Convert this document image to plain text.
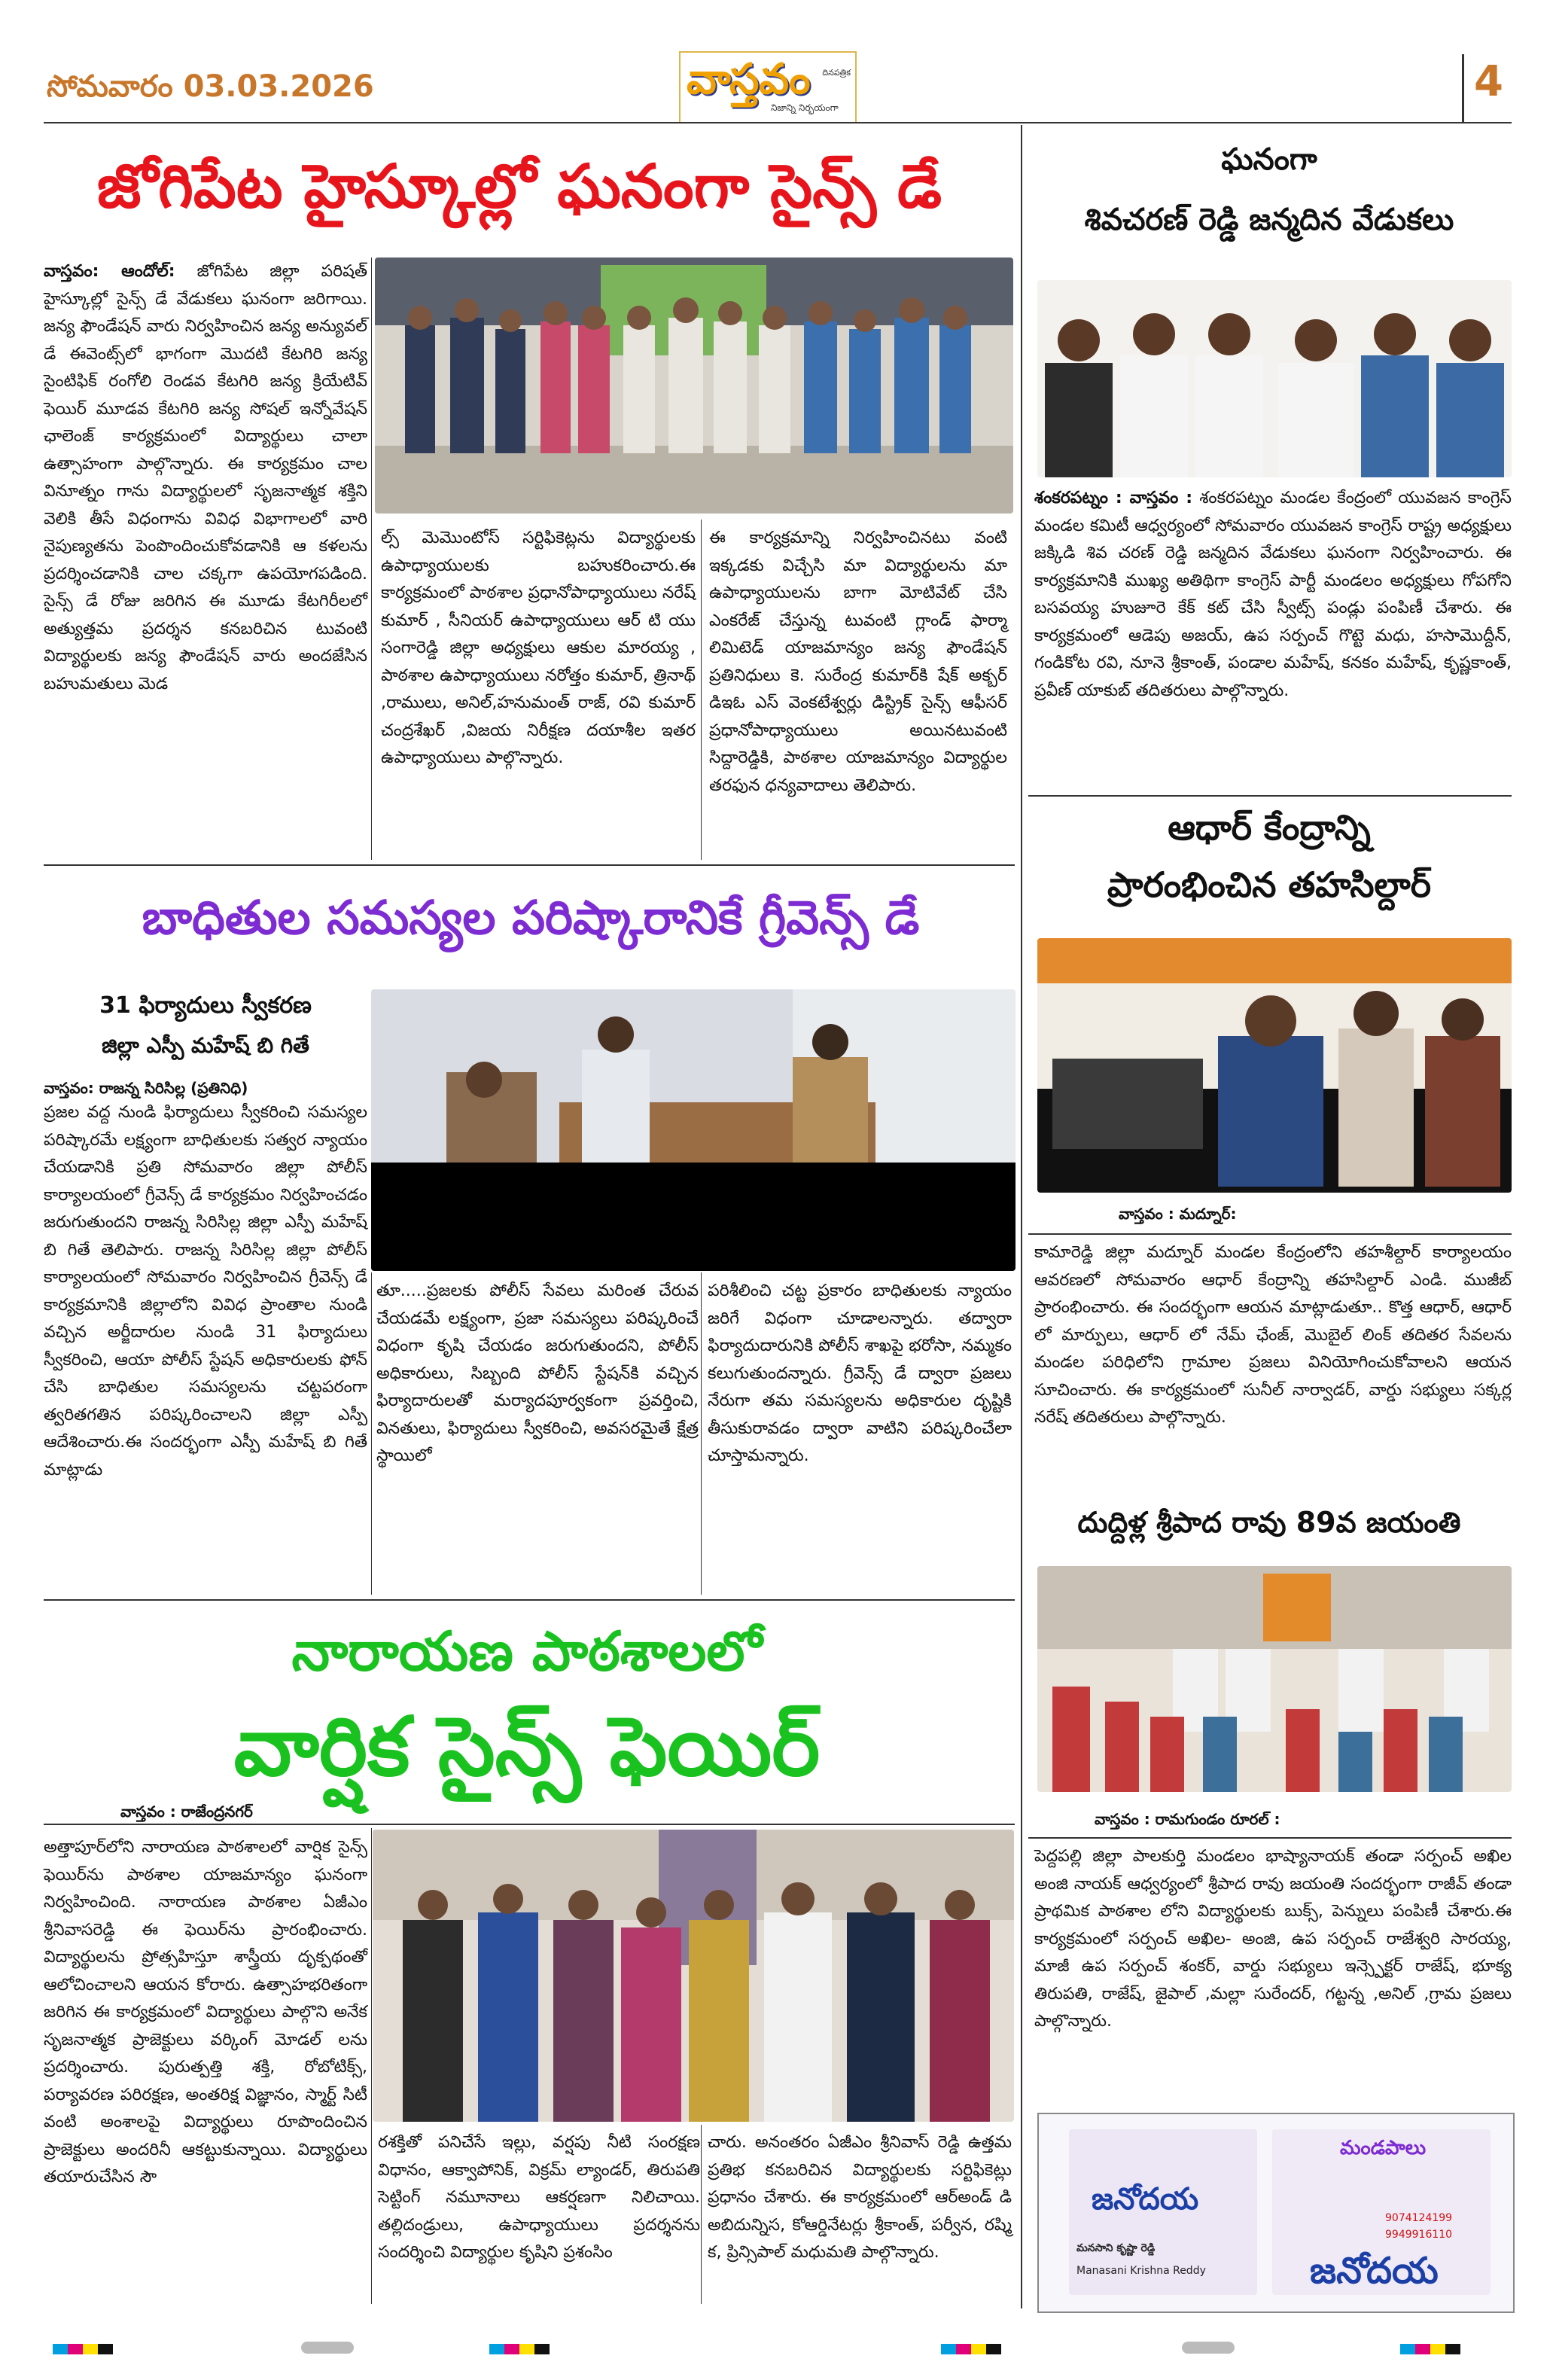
సోమవారం 03.03.2026	వాస్తవం
నిజాన్ని నిర్భయంగా
దినపత్రిక	4
జోగిపేట హైస్కూల్లో ఘనంగా సైన్స్ డే
వాస్తవం: ఆందోల్: జోగిపేట జిల్లా పరిషత్ హైస్కూల్లో సైన్స్ డే వేడుకలు ఘనంగా జరిగాయి. జన్య ఫౌండేషన్ వారు నిర్వహించిన జన్య అన్యువల్ డే ఈవెంట్స్‌లో భాగంగా మొదటి కేటగిరి జన్య సైంటిఫిక్ రంగోలి రెండవ కేటగిరి జన్య క్రియేటివ్ ఫెయిర్ మూడవ కేటగిరి జన్య సోషల్ ఇన్నోవేషన్ ఛాలెంజ్ కార్యక్రమంలో విద్యార్థులు చాలా ఉత్సాహంగా పాల్గొన్నారు. ఈ కార్యక్రమం చాల వినూత్నం గాను విద్యార్థులలో సృజనాత్మక శక్తిని వెలికి తీసే విధంగాను వివిధ విభాగాలలో వారి నైపుణ్యతను పెంపొందించుకోవడానికి ఆ కళలను ప్రదర్శించడానికి చాల చక్కగా ఉపయోగపడింది. సైన్స్ డే రోజు జరిగిన ఈ మూడు కేటగిరీలలో అత్యుత్తమ ప్రదర్శన కనబరిచిన టువంటి విద్యార్థులకు జన్య ఫౌండేషన్ వారు అందజేసిన బహుమతులు మెడ
ల్స్ మెమొంటోస్ సర్టిఫికెట్లను విద్యార్థులకు ఉపాధ్యాయులకు బహుకరించారు.ఈ కార్యక్రమంలో పాఠశాల ప్రధానోపాధ్యాయులు నరేష్ కుమార్ , సీనియర్ ఉపాధ్యాయులు ఆర్ టి యు సంగారెడ్డి జిల్లా అధ్యక్షులు ఆకుల మారయ్య , పాఠశాల ఉపాధ్యాయులు నరోత్తం కుమార్, త్రినాథ్ ,రాములు, అనిల్,హనుమంత్ రాజ్, రవి కుమార్ చంద్రశేఖర్ ,విజయ నిరీక్షణ దయాశీల ఇతర ఉపాధ్యాయులు పాల్గొన్నారు.
ఈ కార్యక్రమాన్ని నిర్వహించినటు వంటి ఇక్కడకు విచ్చేసి మా విద్యార్థులను మా ఉపాధ్యాయులను బాగా మోటివేట్ చేసి ఎంకరేజ్ చేస్తున్న టువంటి గ్లాండ్ ఫార్మా లిమిటెడ్ యాజమాన్యం జన్య ఫౌండేషన్ ప్రతినిధులు కె. సురేంద్ర కుమార్‌కి షేక్ అక్బర్ డిఇఓ ఎస్ వెంకటేశ్వర్లు డిస్ట్రిక్ సైన్స్ ఆఫీసర్ ప్రధానోపాధ్యాయులు అయినటువంటి సిద్దారెడ్డికి, పాఠశాల యాజమాన్యం విద్యార్థుల తరఫున ధన్యవాదాలు తెలిపారు.
బాధితుల సమస్యల పరిష్కారానికే గ్రీవెన్స్ డే
31 ఫిర్యాదులు స్వీకరణ
జిల్లా ఎస్పీ మహేష్ బి గితే
వాస్తవం: రాజన్న సిరిసిల్ల (ప్రతినిధి)
ప్రజల వద్ద నుండి ఫిర్యాదులు స్వీకరించి సమస్యల పరిష్కారమే లక్ష్యంగా బాధితులకు సత్వర న్యాయం చేయడానికి ప్రతి సోమవారం జిల్లా పోలీస్ కార్యాలయంలో గ్రీవెన్స్ డే కార్యక్రమం నిర్వహించడం జరుగుతుందని రాజన్న సిరిసిల్ల జిల్లా ఎస్పీ మహేష్ బి గితే తెలిపారు. రాజన్న సిరిసిల్ల జిల్లా పోలీస్ కార్యాలయంలో సోమవారం నిర్వహించిన గ్రీవెన్స్ డే కార్యక్రమానికి జిల్లాలోని వివిధ ప్రాంతాల నుండి వచ్చిన అర్జీదారుల నుండి 31 ఫిర్యాదులు స్వీకరించి, ఆయా పోలీస్ స్టేషన్ అధికారులకు ఫోన్ చేసి బాధితుల సమస్యలను చట్టపరంగా త్వరితగతిన పరిష్కరించాలని జిల్లా ఎస్పీ ఆదేశించారు.ఈ సందర్భంగా ఎస్పీ మహేష్ బి గితే మాట్లాడు
తూ.....ప్రజలకు పోలీస్ సేవలు మరింత చేరువ చేయడమే లక్ష్యంగా, ప్రజా సమస్యలు పరిష్కరించే విధంగా కృషి చేయడం జరుగుతుందని, పోలీస్ అధికారులు, సిబ్బంది పోలీస్ స్టేషన్‌కి వచ్చిన ఫిర్యాదారులతో మర్యాదపూర్వకంగా ప్రవర్తించి, వినతులు, ఫిర్యాదులు స్వీకరించి, అవసరమైతే క్షేత్ర స్థాయిలో
పరిశీలించి చట్ట ప్రకారం బాధితులకు న్యాయం జరిగే విధంగా చూడాలన్నారు. తద్వారా ఫిర్యాదుదారునికి పోలీస్ శాఖపై భరోసా, నమ్మకం కలుగుతుందన్నారు. గ్రీవెన్స్ డే ద్వారా ప్రజలు నేరుగా తమ సమస్యలను అధికారుల దృష్టికి తీసుకురావడం ద్వారా వాటిని పరిష్కరించేలా చూస్తామన్నారు.
నారాయణ పాఠశాలలో
వార్షిక సైన్స్ ఫెయిర్
వాస్తవం : రాజేంద్రనగర్
అత్తాపూర్‌లోని నారాయణ పాఠశాలలో వార్షిక సైన్స్ ఫెయిర్‌ను పాఠశాల యాజమాన్యం ఘనంగా నిర్వహించింది. నారాయణ పాఠశాల ఏజీఎం శ్రీనివాసరెడ్డి ఈ ఫెయిర్‌ను ప్రారంభించారు. విద్యార్థులను ప్రోత్సహిస్తూ శాస్త్రీయ దృక్పథంతో ఆలోచించాలని ఆయన కోరారు. ఉత్సాహభరితంగా జరిగిన ఈ కార్యక్రమంలో విద్యార్థులు పాల్గొని అనేక సృజనాత్మక ప్రాజెక్టులు వర్కింగ్ మోడల్ లను ప్రదర్శించారు. పురుత్పత్తి శక్తి, రోబోటిక్స్, పర్యావరణ పరిరక్షణ, అంతరిక్ష విజ్ఞానం, స్మార్ట్ సిటీ వంటి అంశాలపై విద్యార్థులు రూపొందించిన ప్రాజెక్టులు అందరినీ ఆకట్టుకున్నాయి. విద్యార్థులు తయారుచేసిన సౌ
రశక్తితో పనిచేసే ఇల్లు, వర్షపు నీటి సంరక్షణ విధానం, ఆక్వాపోనిక్, విక్రమ్ ల్యాండర్, తిరుపతి సెట్టింగ్ నమూనాలు ఆకర్షణగా నిలిచాయి. తల్లిదండ్రులు, ఉపాధ్యాయులు ప్రదర్శనను సందర్శించి విద్యార్థుల కృషిని ప్రశంసిం
చారు. అనంతరం ఏజీఎం శ్రీనివాస్ రెడ్డి ఉత్తమ ప్రతిభ కనబరిచిన విద్యార్థులకు సర్టిఫికెట్లు ప్రధానం చేశారు. ఈ కార్యక్రమంలో ఆర్అండ్ డి అబిదున్నిస, కోఆర్డినేటర్లు శ్రీకాంత్, పర్వీన, రష్మి క, ప్రిన్సిపాల్ మధుమతి పాల్గొన్నారు.
ఘనంగా
శివచరణ్ రెడ్డి జన్మదిన వేడుకలు
శంకరపట్నం : వాస్తవం : శంకరపట్నం మండల కేంద్రంలో యువజన కాంగ్రెస్ మండల కమిటీ ఆధ్వర్యంలో సోమవారం యువజన కాంగ్రెస్ రాష్ట్ర అధ్యక్షులు జక్కిడి శివ చరణ్ రెడ్డి జన్మదిన వేడుకలు ఘనంగా నిర్వహించారు. ఈ కార్యక్రమానికి ముఖ్య అతిథిగా కాంగ్రెస్ పార్టీ మండలం అధ్యక్షులు గోపగోని బసవయ్య హుజూరె కేక్ కట్ చేసి స్వీట్స్ పండ్లు పంపిణీ చేశారు. ఈ కార్యక్రమంలో ఆడెపు అజయ్, ఉప సర్పంచ్ గొట్టె మధు, హసామొద్దీన్, గండికోట రవి, నూనె శ్రీకాంత్, పండాల మహేష్, కనకం మహేష్, కృష్ణకాంత్, ప్రవీణ్ యాకుబ్ తదితరులు పాల్గొన్నారు.
ఆధార్ కేంద్రాన్ని
ప్రారంభించిన తహసిల్దార్
వాస్తవం : మద్నూర్:
కామారెడ్డి జిల్లా మద్నూర్ మండల కేంద్రంలోని తహశీల్దార్ కార్యాలయం ఆవరణలో సోమవారం ఆధార్ కేంద్రాన్ని తహసిల్దార్ ఎండి. ముజీబ్ ప్రారంభించారు. ఈ సందర్భంగా ఆయన మాట్లాడుతూ.. కొత్త ఆధార్, ఆధార్ లో మార్పులు, ఆధార్ లో నేమ్ ఛేంజ్, మొబైల్ లింక్ తదితర సేవలను మండల పరిధిలోని గ్రామాల ప్రజలు వినియోగించుకోవాలని ఆయన సూచించారు. ఈ కార్యక్రమంలో సునీల్ నార్వాడర్, వార్డు సభ్యులు సక్కర్ల నరేష్ తదితరులు పాల్గొన్నారు.
దుద్దిళ్ల శ్రీపాద రావు 89వ జయంతి
వాస్తవం : రామగుండం రూరల్ :
పెద్దపల్లి జిల్లా పాలకుర్తి మండలం భాష్యానాయక్ తండా సర్పంచ్ అఖిల అంజి నాయక్ ఆధ్వర్యంలో శ్రీపాద రావు జయంతి సందర్భంగా రాజీవ్ తండా ప్రాథమిక పాఠశాల లోని విద్యార్థులకు బుక్స్, పెన్నులు పంపిణీ చేశారు.ఈ కార్యక్రమంలో సర్పంచ్ అఖిల- అంజి, ఉప సర్పంచ్ రాజేశ్వరి సారయ్య, మాజీ ఉప సర్పంచ్ శంకర్, వార్డు సభ్యులు ఇన్స్పెక్టర్ రాజేష్, భూక్య తిరుపతి, రాజేష్, జైపాల్ ,మల్లా సురేందర్, గట్టన్న ,అనిల్ ,గ్రామ ప్రజలు పాల్గొన్నారు.
జనోదయ
మనసాని కృష్ణా రెడ్డి
Manasani Krishna Reddy
మండపాలు
9074124199
9949916110
జనోదయ
